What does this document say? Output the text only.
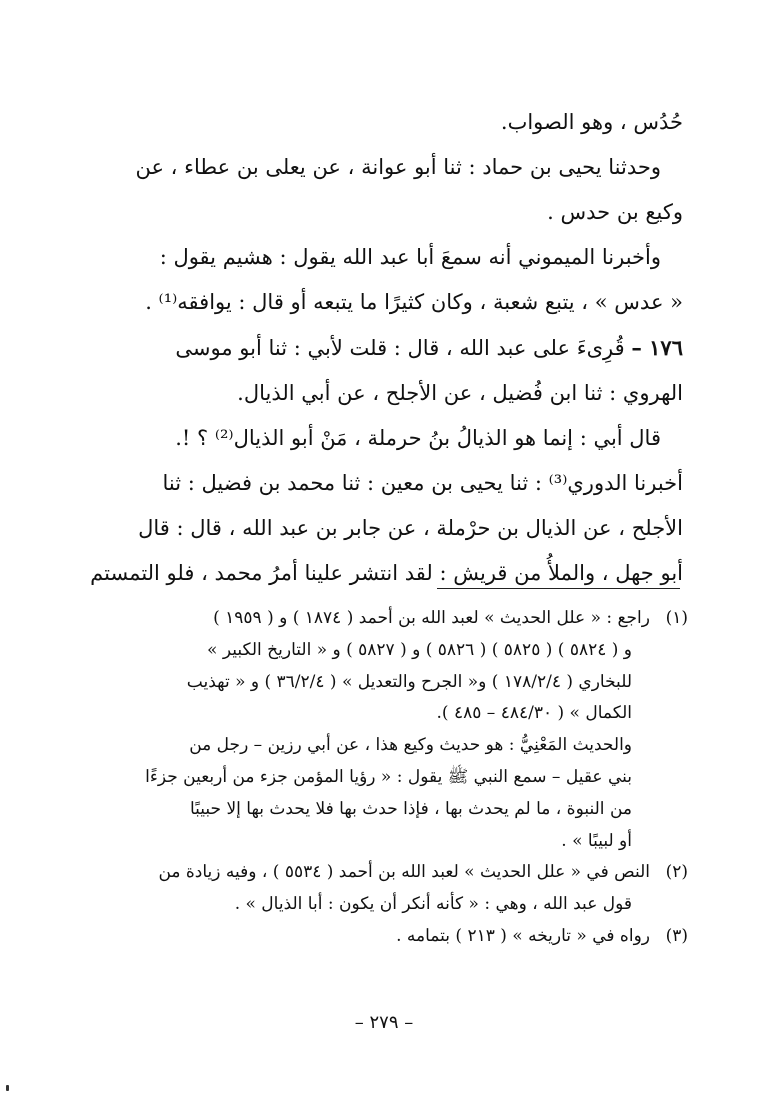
حُدُس ، وهو الصواب.

وحدثنا يحيى بن حماد : ثنا أبو عوانة ، عن يعلى بن عطاء ، عن

وكيع بن حدس .

وأخبرنا الميموني أنه سمعَ أبا عبد الله يقول : هشيم يقول :

« عدس » ، يتبع شعبة ، وكان كثيرًا ما يتبعه أو قال : يوافقه⁽¹⁾ .

١٧٦ – قُرِىءَ على عبد الله ، قال : قلت لأبي : ثنا أبو موسى

الهروي : ثنا ابن فُضيل ، عن الأجلح ، عن أبي الذيال.

قال أبي : إنما هو الذيالُ بنُ حرملة ، مَنْ أبو الذيال⁽²⁾ ؟ !.

أخبرنا الدوري⁽³⁾ : ثنا يحيى بن معين : ثنا محمد بن فضيل : ثنا

الأجلح ، عن الذيال بن حرْملة ، عن جابر بن عبد الله ، قال : قال

أبو جهل ، والملأُ من قريش : لقد انتشر علينا أمرُ محمد ، فلو التمستم

(١)
راجع : « علل الحديث » لعبد الله بن أحمد ( ١٨٧٤ ) و ( ١٩٥٩ )

و ( ٥٨٢٤ ) ( ٥٨٢٥ ) ( ٥٨٢٦ ) و ( ٥٨٢٧ ) و « التاريخ الكبير »

للبخاري ( ١٧٨/٢/٤ ) و« الجرح والتعديل » ( ٣٦/٢/٤ ) و « تهذيب

الكمال » ( ٤٨٤/٣٠ – ٤٨٥ ).

والحديث المَعْنِيُّ : هو حديث وكيع هذا ، عن أبي رزين – رجل من

بني عقيل – سمع النبي ﷺ يقول : « رؤيا المؤمن جزء من أربعين جزءًا

من النبوة ، ما لم يحدث بها ، فإذا حدث بها فلا يحدث بها إلا حبيبًا

أو لبيبًا » .

(٢)
النص في « علل الحديث » لعبد الله بن أحمد ( ٥٥٣٤ ) ، وفيه زيادة من

قول عبد الله ، وهي : « كأنه أنكر أن يكون : أبا الذيال » .

(٣)
رواه في « تاريخه » ( ٢١٣ ) بتمامه .
– ٢٧٩ –
